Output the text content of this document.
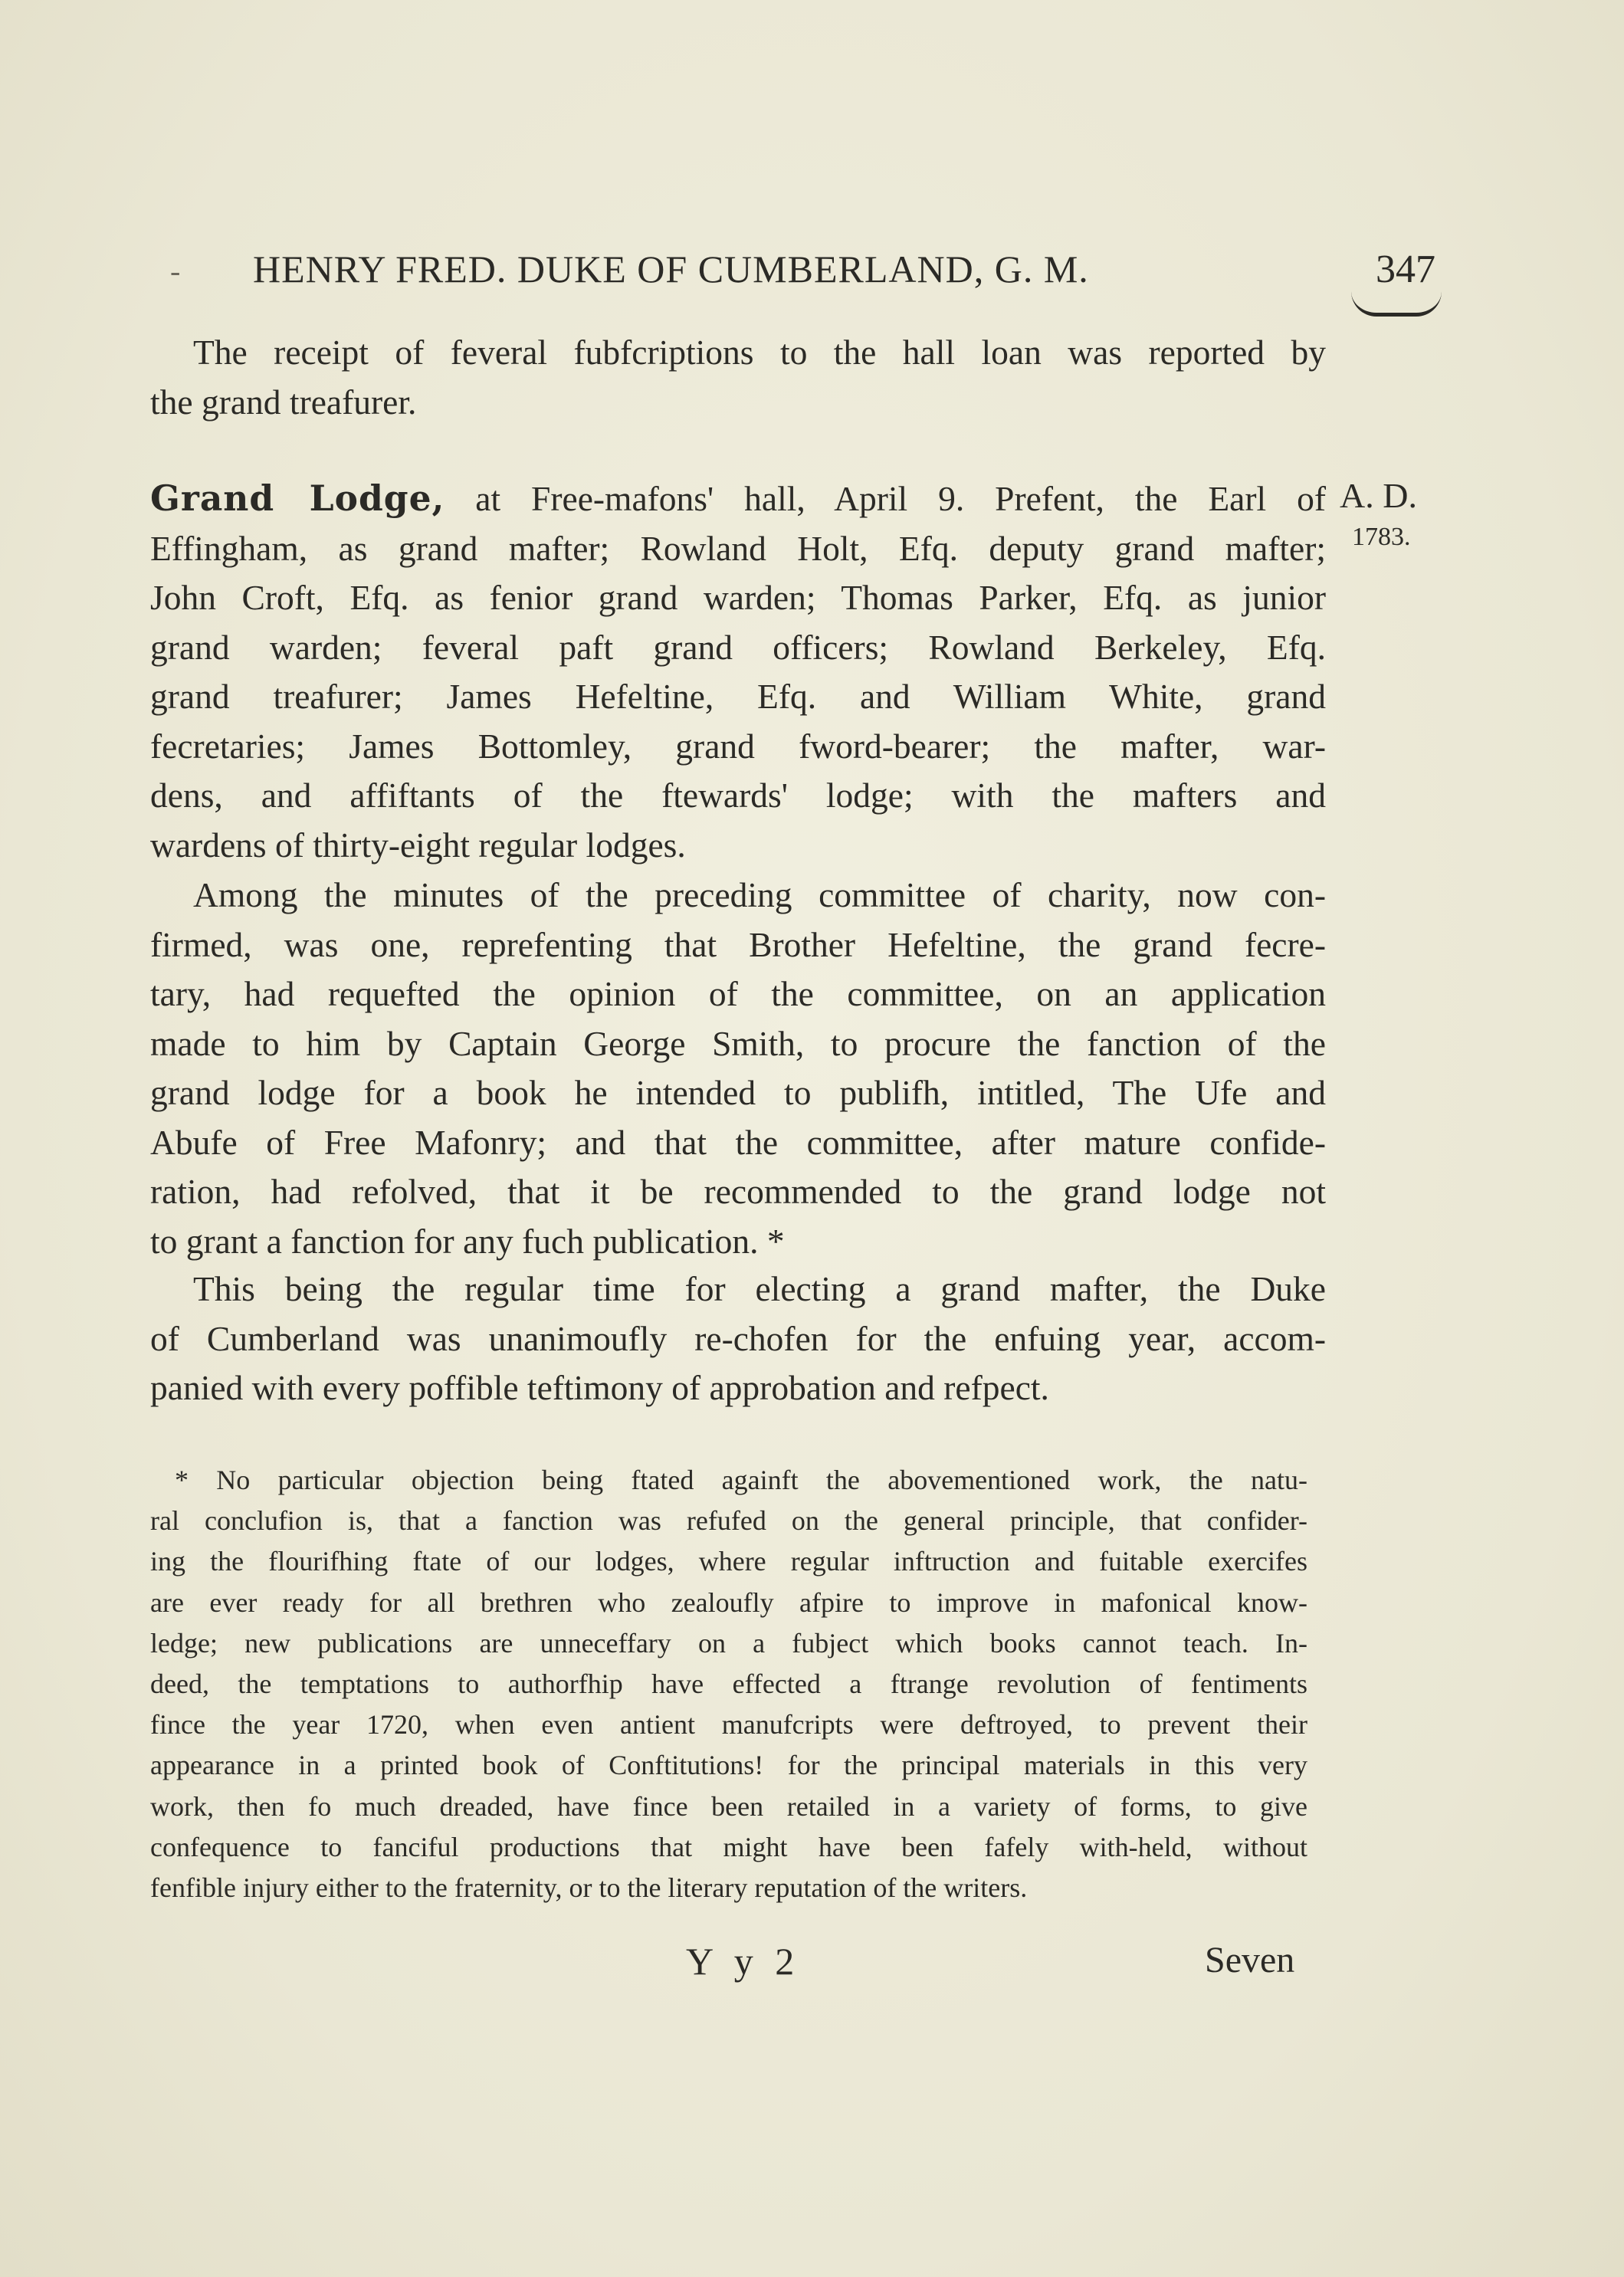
- HENRY FRED. DUKE OF CUMBERLAND, G. M.	347
The receipt of feveral fubfcriptions to the hall loan was reported by
the grand treafurer.
A. D.
1783.
Grand Lodge, at Free-mafons' hall, April 9. Prefent, the Earl of
Effingham, as grand mafter; Rowland Holt, Efq. deputy grand mafter;
John Croft, Efq. as fenior grand warden; Thomas Parker, Efq. as junior
grand warden; feveral paft grand officers; Rowland Berkeley, Efq.
grand treafurer; James Hefeltine, Efq. and William White, grand
fecretaries; James Bottomley, grand fword-bearer; the mafter, war-
dens, and affiftants of the ftewards' lodge; with the mafters and
wardens of thirty-eight regular lodges.
Among the minutes of the preceding committee of charity, now con-
firmed, was one, reprefenting that Brother Hefeltine, the grand fecre-
tary, had requefted the opinion of the committee, on an application
made to him by Captain George Smith, to procure the fanction of the
grand lodge for a book he intended to publifh, intitled, The Ufe and
Abufe of Free Mafonry; and that the committee, after mature confide-
ration, had refolved, that it be recommended to the grand lodge not
to grant a fanction for any fuch publication. *
This being the regular time for electing a grand mafter, the Duke
of Cumberland was unanimoufly re-chofen for the enfuing year, accom-
panied with every poffible teftimony of approbation and refpect.
* No particular objection being ftated againft the abovementioned work, the natu-
ral conclufion is, that a fanction was refufed on the general principle, that confider-
ing the flourifhing ftate of our lodges, where regular inftruction and fuitable exercifes
are ever ready for all brethren who zealoufly afpire to improve in mafonical know-
ledge; new publications are unneceffary on a fubject which books cannot teach. In-
deed, the temptations to authorfhip have effected a ftrange revolution of fentiments
fince the year 1720, when even antient manufcripts were deftroyed, to prevent their
appearance in a printed book of Conftitutions! for the principal materials in this very
work, then fo much dreaded, have fince been retailed in a variety of forms, to give
confequence to fanciful productions that might have been fafely with-held, without
fenfible injury either to the fraternity, or to the literary reputation of the writers.
Y y 2	Seven
